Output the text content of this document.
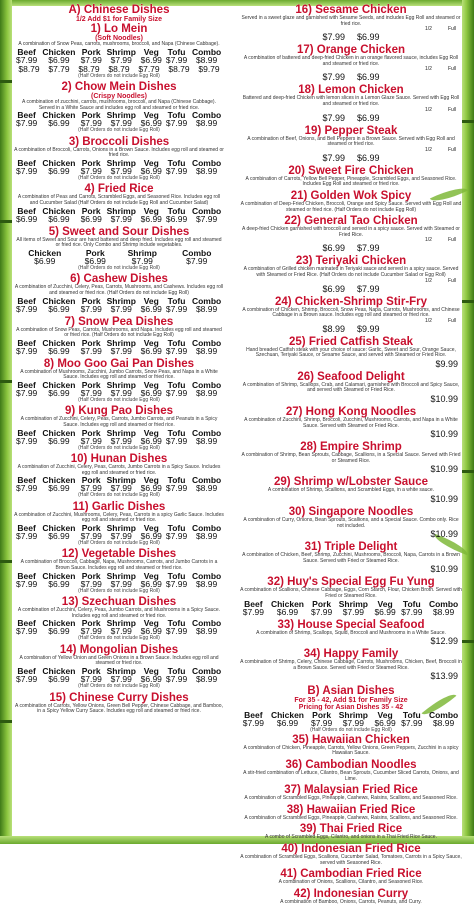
A) Chinese Dishes
1/2 Add $1 for Family Size
1) Lo Mein
(Soft Noodles)
A combination of Snow Peas, carrots, mushrooms, broccoli, and Napa (Chinese Cabbage).
Beef	Chicken	Pork	Shrimp	Veg	Tofu	Combo
$7.99	$6.99	$7.99	$7.99	$6.99	$7.99	$8.99

$8.79	$7.79	$8.79	$8.79	$7.79	$8.79	$9.79
(Half Orders do not include Egg Roll)
2) Chow Mein Dishes
(Crispy Noodles)
A combination of zucchini, carrots, mushrooms, broccoli, and Napa (Chinese Cabbage). Served in a White Sauce and includes egg roll and steamed or fried rice.
Beef	Chicken	Pork	Shrimp	Veg	Tofu	Combo
$7.99	$6.99	$7.99	$7.99	$6.99	$7.99	$8.99
(Half Orders do not include Egg Roll)
3) Broccoli Dishes
A combination of Broccoli, Carrots, Onions in a Brown Sauce. Includes egg roll and steamed or fried rice.
Beef	Chicken	Pork	Shrimp	Veg	Tofu	Combo
$7.99	$6.99	$7.99	$7.99	$6.99	$7.99	$8.99
(Half Orders do not include Egg Roll)
4) Fried Rice
A combination of Peas and Carrots, Scrambled Eggs, and Seasoned Rice. Includes egg roll and Cucumber Salad (Half Orders do not include Egg Roll and Cucumber Salad)
Beef	Chicken	Pork	Shrimp	Veg	Tofu	Combo
$6.99	$6.99	$6.99	$7.99	$6.99	$6.99	$7.99
5) Sweet and Sour Dishes
All items of Sweet and Sour are hand battered and deep fried. Includes egg roll and steamed or fried rice. Only Combo and Shrimp include vegetables.
Chicken	Pork	Shrimp	Combo
$6.99	$6.99	$7.99	$7.99
(Half Orders do not include Egg Roll)
6) Cashew Dishes
A combination of Zucchini, Celery, Peas, Carrots, Mushrooms, and Cashews. Includes egg roll and steamed or fried rice. (Half Orders do not include Egg Roll)
Beef	Chicken	Pork	Shrimp	Veg	Tofu	Combo
$7.99	$6.99	$7.99	$7.99	$6.99	$7.99	$8.99
7) Snow Pea Dishes
A combination of Snow Peas, Carrots, Mushrooms, and Napa. Includes egg roll and steamed or fried rice. (Half Orders do not include Egg Roll)
Beef	Chicken	Pork	Shrimp	Veg	Tofu	Combo
$7.99	$6.99	$7.99	$7.99	$6.99	$7.99	$8.99
8) Moo Goo Gai Pan Dishes
A combination of Mushrooms, Zucchini, Jumbo Carrots, Snow Peas, and Napa in a White Sauce. Includes egg roll and steamed or fried rice.
Beef	Chicken	Pork	Shrimp	Veg	Tofu	Combo
$7.99	$6.99	$7.99	$7.99	$6.99	$7.99	$8.99
(Half Orders do not include Egg Roll)
9) Kung Pao Dishes
A combination of Zucchini, Celery, Peas, Carrots, Jumbo Carrots, and Peanuts in a Spicy Sauce. Includes egg roll and steamed or fried rice.
Beef	Chicken	Pork	Shrimp	Veg	Tofu	Combo
$7.99	$6.99	$7.99	$7.99	$6.99	$7.99	$8.99
(Half Orders do not include Egg Roll)
10) Hunan Dishes
A combination of Zucchini, Celery, Peas, Carrots, Jumbo Carrots in a Spicy Sauce. Includes egg roll and steamed or fried rice.
Beef	Chicken	Pork	Shrimp	Veg	Tofu	Combo
$7.99	$6.99	$7.99	$7.99	$6.99	$7.99	$8.99
(Half Orders do not include Egg Roll)
11) Garlic Dishes
A combination of Zucchini, Mushrooms, Celery, Peas, Carrots in a spicy Garlic Sauce. Includes egg roll and steamed or fried rice.
Beef	Chicken	Pork	Shrimp	Veg	Tofu	Combo
$7.99	$6.99	$7.99	$7.99	$6.99	$7.99	$8.99
(Half Orders do not include Egg Roll)
12) Vegetable Dishes
A combination of Broccoli, Cabbage, Napa, Mushrooms, Carrots, and Jumbo Carrots in a Brown Sauce. Includes egg roll and steamed or fried rice.
Beef	Chicken	Pork	Shrimp	Veg	Tofu	Combo
$7.99	$6.99	$7.99	$7.99	$6.99	$7.99	$8.99
(Half Orders do not include Egg Roll)
13) Szechuan Dishes
A combination of Zucchini, Celery, Peas, Jumbo Carrots, and Mushrooms in a Spicy Sauce. Includes egg roll and steamed or fried rice.
Beef	Chicken	Pork	Shrimp	Veg	Tofu	Combo
$7.99	$6.99	$7.99	$7.99	$6.99	$7.99	$8.99
(Half Orders do not include Egg Roll)
14) Mongolian Dishes
A combination of Yellow Onion and Green Onions in a Brown Sauce. Includes egg roll and steamed or fried rice.
Beef	Chicken	Pork	Shrimp	Veg	Tofu	Combo
$7.99	$6.99	$7.99	$7.99	$6.99	$7.99	$8.99
(Half Orders do not include Egg Roll)
15) Chinese Curry Dishes
A combination of Carrots, Yellow Onions, Green Bell Pepper, Chinese Cabbage, and Bamboo, in a Spicy Yellow Curry Sauce. Includes egg roll and steamed or fried rice.
16) Sesame Chicken
Served in a sweet glaze and garnished with Sesame Seeds, and includes Egg Roll and steamed or fried rice.
1/2	Full
$7.99 $6.99
17) Orange Chicken
A combination of battered and deep-fried Chicken in an orange flavored sauce, includes Egg Roll and steamed or fried rice.
1/2	Full
$7.99 $6.99
18) Lemon Chicken
Battered and deep-fried Chicken with lemon slices in a Lemon Glaze Sauce. Served with Egg Roll and steamed or fried rice.
1/2	Full
$7.99 $6.99
19) Pepper Steak
A combination of Beef, Onions, and Bell Peppers in a Brown Sauce. Served with Egg Roll and steamed or fried rice.
1/2	Full
$7.99 $6.99
20) Sweet Fire Chicken
A combination of Carrots, Yellow Bell Pepper, Pineapple, Scrambled Eggs, and Seasoned Rice. Includes Egg Roll and steamed or fried rice.
21) Golden Wok Spicy
A combination of Deep-Fried Chicken, Broccoli, Orange and Spicy Sauce. Served with Egg Roll and steamed or fried rice. (Half Orders do not include Egg Roll)
22) General Tao Chicken
A deep-fried Chicken garnished with broccoli and served in a spicy sauce. Served with Steamed or Fried Rice.
1/2	Full
$6.99 $7.99
23) Teriyaki Chicken
A combination of Grilled chicken marinated in Teriyaki sauce and served in a spicy sauce. Served with Steamed or Fried Rice. (Half Orders do not include Cucumber Salad or Egg Roll)
1/2	Full
$6.99 $7.99
24) Chicken-Shrimp Stir-Fry
A combination of Chicken, Shrimp, Broccoli, Snow Peas, Napa, Carrots, Mushrooms, and Chinese Cabbage in a Brown sauce. Includes egg roll and steamed or fried rice.
1/2	Full
$8.99 $9.99
25) Fried Catfish Steak
Hand breaded Catfish steak with your choice of sauce: Garlic, Sweet and Sour, Orange Sauce, Szechuan, Teriyaki Sauce, or Sesame Sauce, and served with Steamed or Fried Rice.
$9.99
26) Seafood Delight
A combination of Shrimp, Scallops, Crab, and Calamari, garnished with Broccoli and Spicy Sauce, and served with Steamed or Fried Rice.
$10.99
27) Hong Kong Noodles
A combination of Zucchini, Shrimp, Broccoli, Zucchini, Mushrooms, Carrots, and Napa in a White Sauce. Served with Steamed or Fried Rice.
$10.99
28) Empire Shrimp
A combination of Shrimp, Bean Sprouts, Cabbage, Scallions, in a Special Sauce. Served with Fried or Steamed Rice.
$10.99
29) Shrimp w/Lobster Sauce
A combination of Shrimp, Scallions, and Scrambled Eggs, in a white sauce.
$10.99
30) Singapore Noodles
A combination of Curry, Onions, Bean Sprouts, Scallions, and a Special Sauce. Combo only. Rice not included.
$10.99
31) Triple Delight
A combination of Chicken, Beef, Shrimp, Zucchini, Mushrooms, Broccoli, Napa, Carrots in a Brown Sauce. Served with Fried or Steamed Rice.
$10.99
32) Huy's Special Egg Fu Yung
A combination of Scallions, Chinese Cabbage, Eggs, Corn Starch, Flour, Chicken Broth. Served with Fried or Steamed Rice.
Beef	Chicken	Pork	Shrimp	Veg	Tofu	Combo
$7.99	$6.99	$7.99	$7.99	$6.99	$7.99	$8.99
33) House Special Seafood
A combination of Shrimp, Scallops, Squid, Broccoli and Mushrooms in a White Sauce.
$12.99
34) Happy Family
A combination of Shrimp, Celery, Chinese Cabbage, Carrots, Mushrooms, Chicken, Beef, Broccoli in a Brown Sauce. Served with Fried or Steamed Rice.
$13.99
B) Asian Dishes
For 35 - 42, Add $1 for Family Size
Pricing for Asian Dishes 35 - 42
Beef	Chicken	Pork	Shrimp	Veg	Tofu	Combo
$7.99	$6.99	$7.99	$7.99	$6.99	$7.99	$8.99
(Half Orders do not include Egg Roll)
35) Hawaiian Chicken
A combination of Chicken, Pineapple, Carrots, Yellow Onions, Green Peppers, Zucchini in a spicy Hawaiian Sauce.
36) Cambodian Noodles
A stir-fried combination of Lettuce, Cilantro, Bean Sprouts, Cucumber Sliced Carrots, Onions, and Lime.
37) Malaysian Fried Rice
A combination of Scrambled Eggs, Pineapple, Cashews, Raisins, Scallions, and Seasoned Rice.
38) Hawaiian Fried Rice
A combination of Scrambled Eggs, Pineapple, Cashews, Raisins, Scallions, and Seasoned Rice.
39) Thai Fried Rice
A combo of Scrambled Eggs, Cilantro, and onions in a Thai Fried Rice Sauce.
40) Indonesian Fried Rice
A combination of Scrambled Eggs, Scallions, Cucumber Salad, Tomatoes, Carrots in a Spicy Sauce, served with Seasoned Rice.
41) Cambodian Fried Rice
A combination of Onions, Scallions, Cilantro, and Seasoned Rice.
42) Indonesian Curry
A combination of Bamboo, Onions, Carrots, Peanuts, and Curry.
